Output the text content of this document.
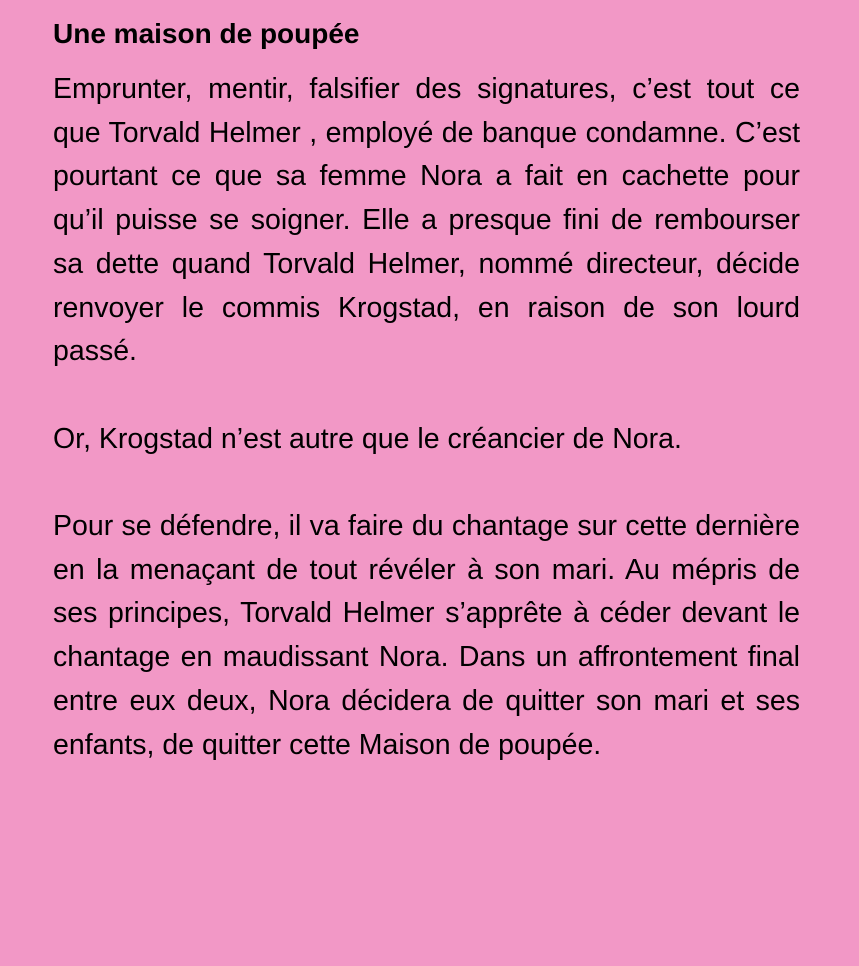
Une maison de poupée

Emprunter, mentir, falsifier des signatures, c’est tout ce que Torvald Helmer , employé de banque condamne. C’est pourtant ce que sa femme Nora a fait en cachette pour qu’il puisse se soigner. Elle a presque fini de rembourser sa dette quand Torvald Helmer, nommé directeur, décide renvoyer le commis Krogstad, en raison de son lourd passé.

Or, Krogstad n’est autre que le créancier de Nora.

Pour se défendre, il va faire du chantage sur cette dernière en la menaçant de tout révéler à son mari. Au mépris de ses principes, Torvald Helmer s’apprête à céder devant le chantage en maudissant Nora. Dans un affrontement final entre eux deux, Nora décidera de quitter son mari et ses enfants, de quitter cette Maison de poupée.
